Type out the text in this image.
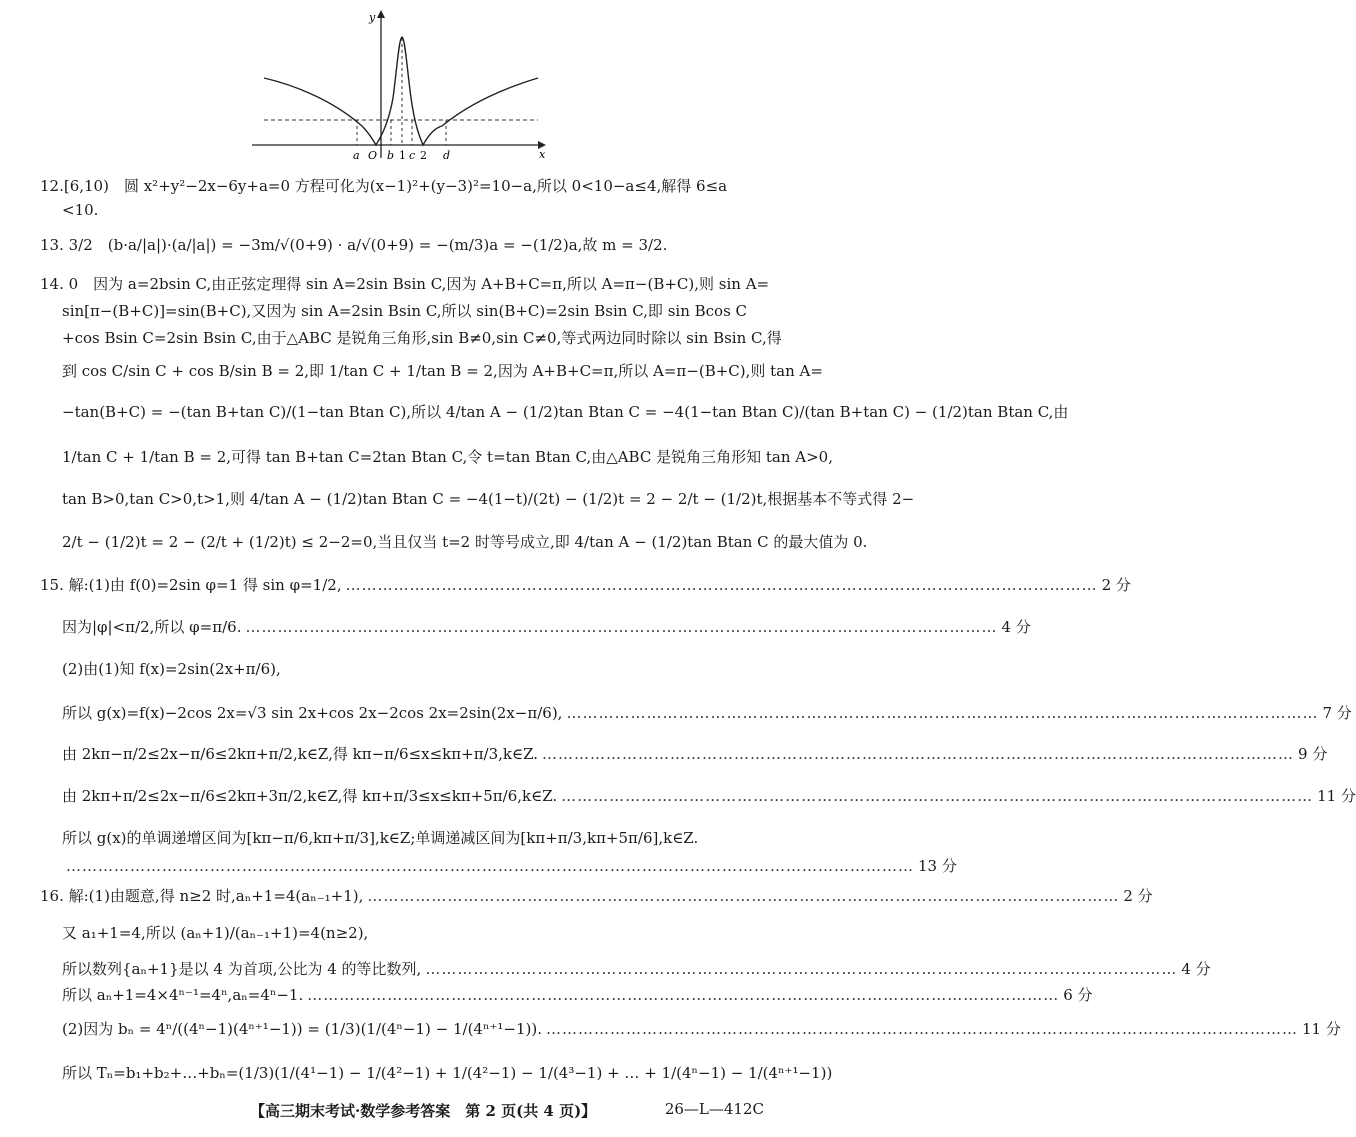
y
x
a O b 1 c 2 d
12.[6,10)　圆 x²+y²−2x−6y+a=0 方程可化为(x−1)²+(y−3)²=10−a,所以 0<10−a≤4,解得 6≤a
<10.
13. 3/2　(b·a/|a|)·(a/|a|) = −3m/√(0+9) · a/√(0+9) = −(m/3)a = −(1/2)a,故 m = 3/2.
14. 0　因为 a=2bsin C,由正弦定理得 sin A=2sin Bsin C,因为 A+B+C=π,所以 A=π−(B+C),则 sin A=
sin[π−(B+C)]=sin(B+C),又因为 sin A=2sin Bsin C,所以 sin(B+C)=2sin Bsin C,即 sin Bcos C
+cos Bsin C=2sin Bsin C,由于△ABC 是锐角三角形,sin B≠0,sin C≠0,等式两边同时除以 sin Bsin C,得
到 cos C/sin C + cos B/sin B = 2,即 1/tan C + 1/tan B = 2,因为 A+B+C=π,所以 A=π−(B+C),则 tan A=
−tan(B+C) = −(tan B+tan C)/(1−tan Btan C),所以 4/tan A − (1/2)tan Btan C = −4(1−tan Btan C)/(tan B+tan C) − (1/2)tan Btan C,由
1/tan C + 1/tan B = 2,可得 tan B+tan C=2tan Btan C,令 t=tan Btan C,由△ABC 是锐角三角形知 tan A>0,
tan B>0,tan C>0,t>1,则 4/tan A − (1/2)tan Btan C = −4(1−t)/(2t) − (1/2)t = 2 − 2/t − (1/2)t,根据基本不等式得 2−
2/t − (1/2)t = 2 − (2/t + (1/2)t) ≤ 2−2=0,当且仅当 t=2 时等号成立,即 4/tan A − (1/2)tan Btan C 的最大值为 0.
15. 解:(1)由 f(0)=2sin φ=1 得 sin φ=1/2, …………………………………………………………………………………………………………………………… 2 分
因为|φ|<π/2,所以 φ=π/6. …………………………………………………………………………………………………………………………… 4 分
(2)由(1)知 f(x)=2sin(2x+π/6),
所以 g(x)=f(x)−2cos 2x=√3 sin 2x+cos 2x−2cos 2x=2sin(2x−π/6), …………………………………………………………………………………………………………………………… 7 分
由 2kπ−π/2≤2x−π/6≤2kπ+π/2,k∈Z,得 kπ−π/6≤x≤kπ+π/3,k∈Z. …………………………………………………………………………………………………………………………… 9 分
由 2kπ+π/2≤2x−π/6≤2kπ+3π/2,k∈Z,得 kπ+π/3≤x≤kπ+5π/6,k∈Z. …………………………………………………………………………………………………………………………… 11 分
所以 g(x)的单调递增区间为[kπ−π/6,kπ+π/3],k∈Z;单调递减区间为[kπ+π/3,kπ+5π/6],k∈Z.
…………………………………………………………………………………………………………………………………………… 13 分
16. 解:(1)由题意,得 n≥2 时,aₙ+1=4(aₙ₋₁+1), …………………………………………………………………………………………………………………………… 2 分
又 a₁+1=4,所以 (aₙ+1)/(aₙ₋₁+1)=4(n≥2),
所以数列{aₙ+1}是以 4 为首项,公比为 4 的等比数列, …………………………………………………………………………………………………………………………… 4 分
所以 aₙ+1=4×4ⁿ⁻¹=4ⁿ,aₙ=4ⁿ−1. …………………………………………………………………………………………………………………………… 6 分
(2)因为 bₙ = 4ⁿ/((4ⁿ−1)(4ⁿ⁺¹−1)) = (1/3)(1/(4ⁿ−1) − 1/(4ⁿ⁺¹−1)). …………………………………………………………………………………………………………………………… 11 分
所以 Tₙ=b₁+b₂+…+bₙ=(1/3)(1/(4¹−1) − 1/(4²−1) + 1/(4²−1) − 1/(4³−1) + … + 1/(4ⁿ−1) − 1/(4ⁿ⁺¹−1))
【高三期末考试·数学参考答案　第 2 页(共 4 页)】	26—L—412C
